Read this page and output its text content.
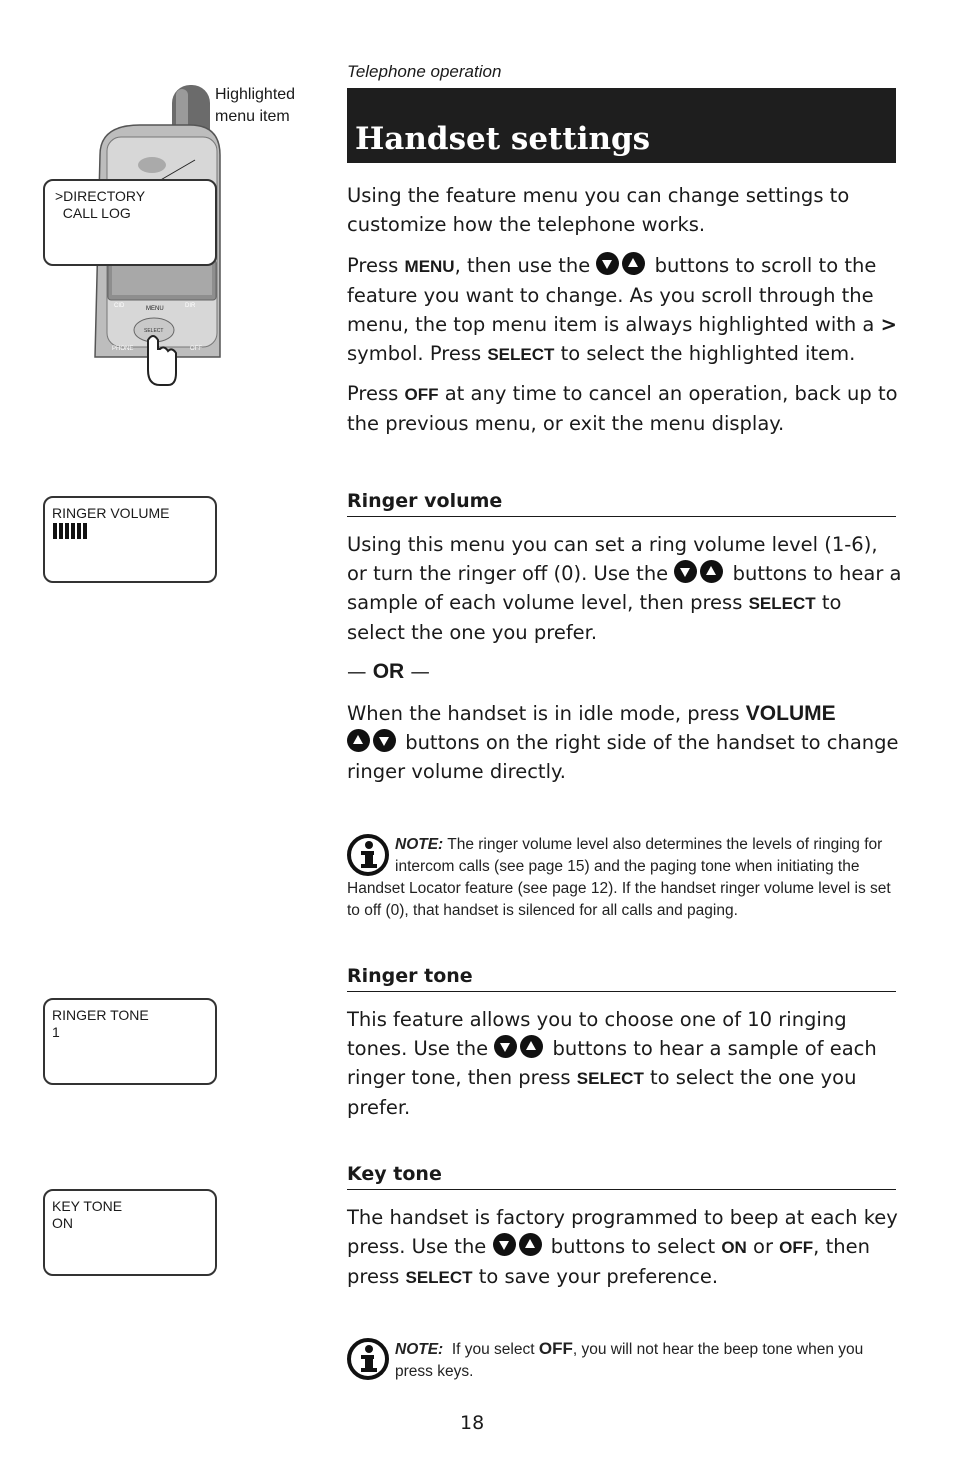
Telephone operation
Handset settings
CID	MENU	DIR
SELECT
PHONE	OFF
Highlighted
menu item
>DIRECTORY
CALL LOG

Using the feature menu you can change settings to customize how the telephone works.

Press MENU, then use the	buttons to scroll to the feature you want to change. As you scroll through the menu, the top menu item is always highlighted with a > symbol. Press SELECT to select the highlighted item.

Press OFF at any time to cancel an operation, back up to the previous menu, or exit the menu display.

RINGER VOLUME
Ringer volume

Using this menu you can set a ring volume level (1-6), or turn the ringer off (0). Use the	buttons to hear a sample of each volume level, then press SELECT to select the one you prefer.

— OR —

When the handset is in idle mode, press VOLUME
buttons on the right side of the handset to change ringer volume directly.

NOTE: The ringer volume level also determines the levels of ringing for intercom calls (see page 15) and the paging tone when initiating the Handset Locator feature (see page 12). If the handset ringer volume level is set to off (0), that handset is silenced for all calls and paging.
RINGER TONE
1
Ringer tone

This feature allows you to choose one of 10 ringing tones. Use the	buttons to hear a sample of each ringer tone, then press SELECT to select the one you prefer.

KEY TONE
ON
Key tone

The handset is factory programmed to beep at each key press. Use the	buttons to select ON or OFF, then press SELECT to save your preference.

NOTE:  If you select OFF, you will not hear the beep tone when you press keys.
18
